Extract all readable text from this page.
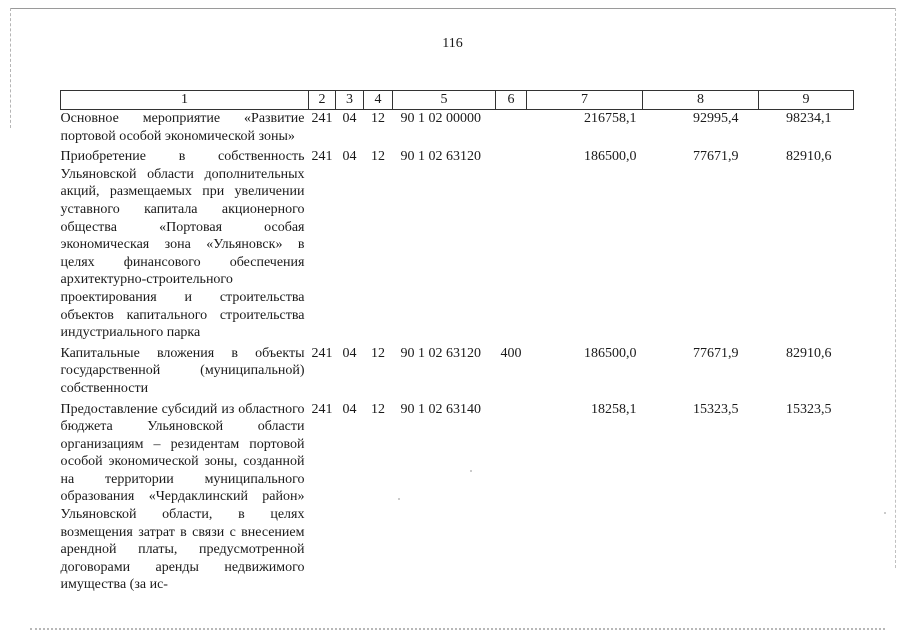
116
1	2	3	4	5	6	7	8	9
Основное мероприятие «Развитие портовой особой экономической зоны»	241	04	12	90 1 02 00000		216758,1	92995,4	98234,1
Приобретение в собственность Ульяновской области дополнительных акций, размещаемых при увеличении уставного капитала акционерного общества «Портовая особая экономическая зона «Ульяновск» в целях финансового обеспечения архитектурно-строительного проектирования и строительства объектов капитального строительства индустриального парка	241	04	12	90 1 02 63120		186500,0	77671,9	82910,6
Капитальные вложения в объекты государственной (муниципальной) собственности	241	04	12	90 1 02 63120	400	186500,0	77671,9	82910,6
Предоставление субсидий из областного бюджета Ульяновской области организациям – резидентам портовой особой экономической зоны, созданной на территории муниципального образования «Чердаклинский район» Ульяновской области, в целях возмещения затрат в связи с внесением арендной платы, предусмотренной договорами аренды недвижимого имущества (за ис-	241	04	12	90 1 02 63140		18258,1	15323,5	15323,5
